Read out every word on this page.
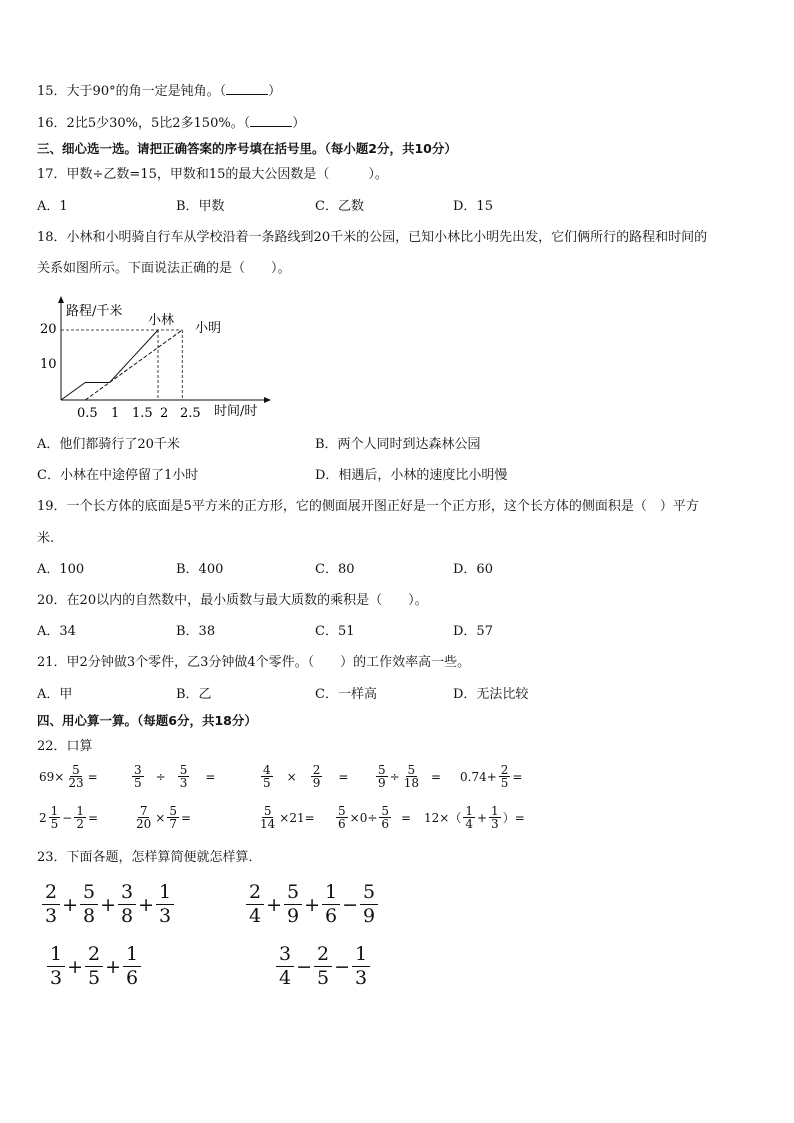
15．大于90°的角一定是钝角。（	）
16．2比5少30%，5比2多150%。（	）
三、细心选一选。请把正确答案的序号填在括号里。（每小题2分，共10分）
17．甲数÷乙数=15，甲数和15的最大公因数是（　　　）。
A．1	B．甲数	C．乙数	D．15
18．小林和小明骑自行车从学校沿着一条路线到20千米的公园，已知小林比小明先出发，它们俩所行的路程和时间的
关系如图所示。下面说法正确的是（　　）。
路程/千米
时间/时
小林
小明
20
10
0.5 1 1.5 2 2.5
A．他们都骑行了20千米	B．两个人同时到达森林公园
C．小林在中途停留了1小时	D．相遇后，小林的速度比小明慢
19．一个长方体的底面是5平方米的正方形，它的侧面展开图正好是一个正方形，这个长方体的侧面积是（　）平方
米.
A．100	B．400	C．80	D．60
20．在20以内的自然数中，最小质数与最大质数的乘积是（　　）。
A．34	B．38	C．51	D．57
21．甲2分钟做3个零件，乙3分钟做4个零件。（　　）的工作效率高一些。
A．甲	B．乙	C．一样高	D．无法比较
四、用心算一算。（每题6分，共18分）
22．口算
$69 \times \frac{5}{23}$ =	$\frac{3}{5} \div \frac{5}{3}$ =	$\frac{4}{5} \times \frac{2}{9} = \frac{5}{9} \div \frac{5}{18} = 0.74+ \frac{2}{5}$ =
$2 \frac{1}{5} - \frac{1}{2}$ =	$\frac{7}{20} \times \frac{5}{7}$ =	$\frac{5}{14} \times 21= \frac{5}{6} \times 0\div \frac{5}{6} = 12\times$ （ $\frac{1}{4} + \frac{1}{3}$ ） =
23．下面各题，怎样算简便就怎样算．
$\frac{2}{3} + \frac{5}{8} + \frac{3}{8} + \frac{1}{3}$	$\frac{2}{4} + \frac{5}{9} + \frac{1}{6} - \frac{5}{9}$
$\frac{1}{3} + \frac{2}{5} + \frac{1}{6}$	$\frac{3}{4} - \frac{2}{5} - \frac{1}{3}$
